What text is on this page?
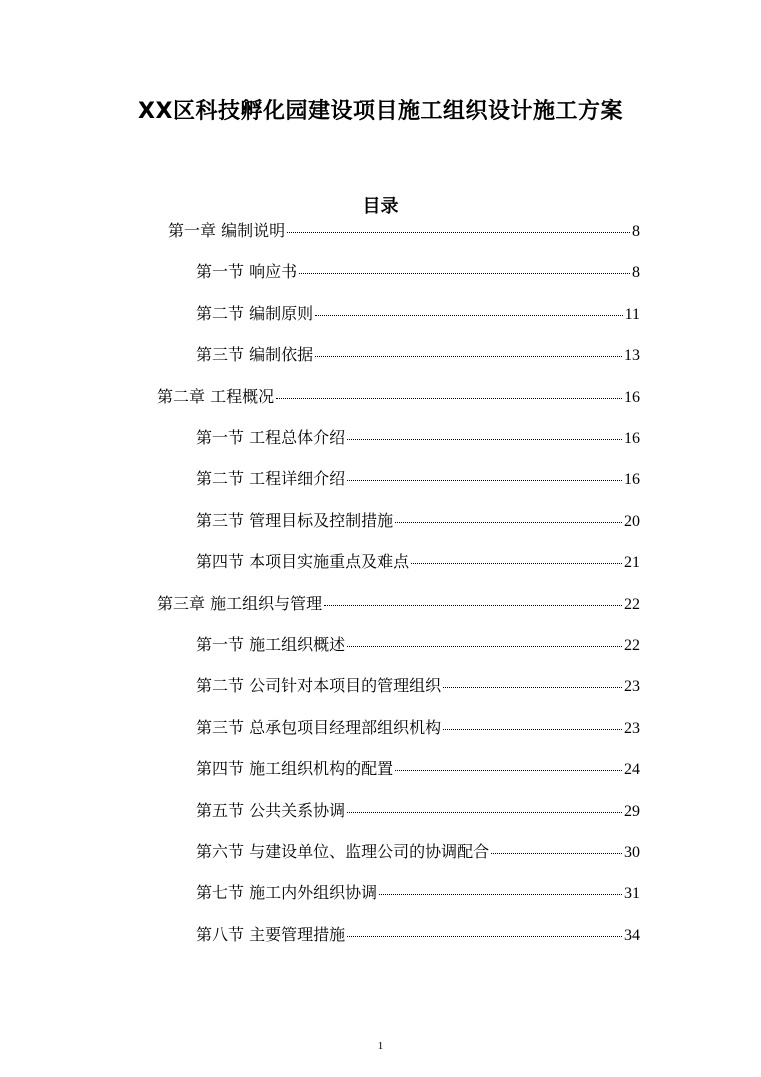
XX区科技孵化园建设项目施工组织设计施工方案
目录
第一章 编制说明	8
第一节 响应书	8
第二节 编制原则	11
第三节 编制依据	13
第二章 工程概况	16
第一节 工程总体介绍	16
第二节 工程详细介绍	16
第三节 管理目标及控制措施	20
第四节 本项目实施重点及难点	21
第三章 施工组织与管理	22
第一节 施工组织概述	22
第二节 公司针对本项目的管理组织	23
第三节 总承包项目经理部组织机构	23
第四节 施工组织机构的配置	24
第五节 公共关系协调	29
第六节 与建设单位、监理公司的协调配合	30
第七节 施工内外组织协调	31
第八节 主要管理措施	34
1
